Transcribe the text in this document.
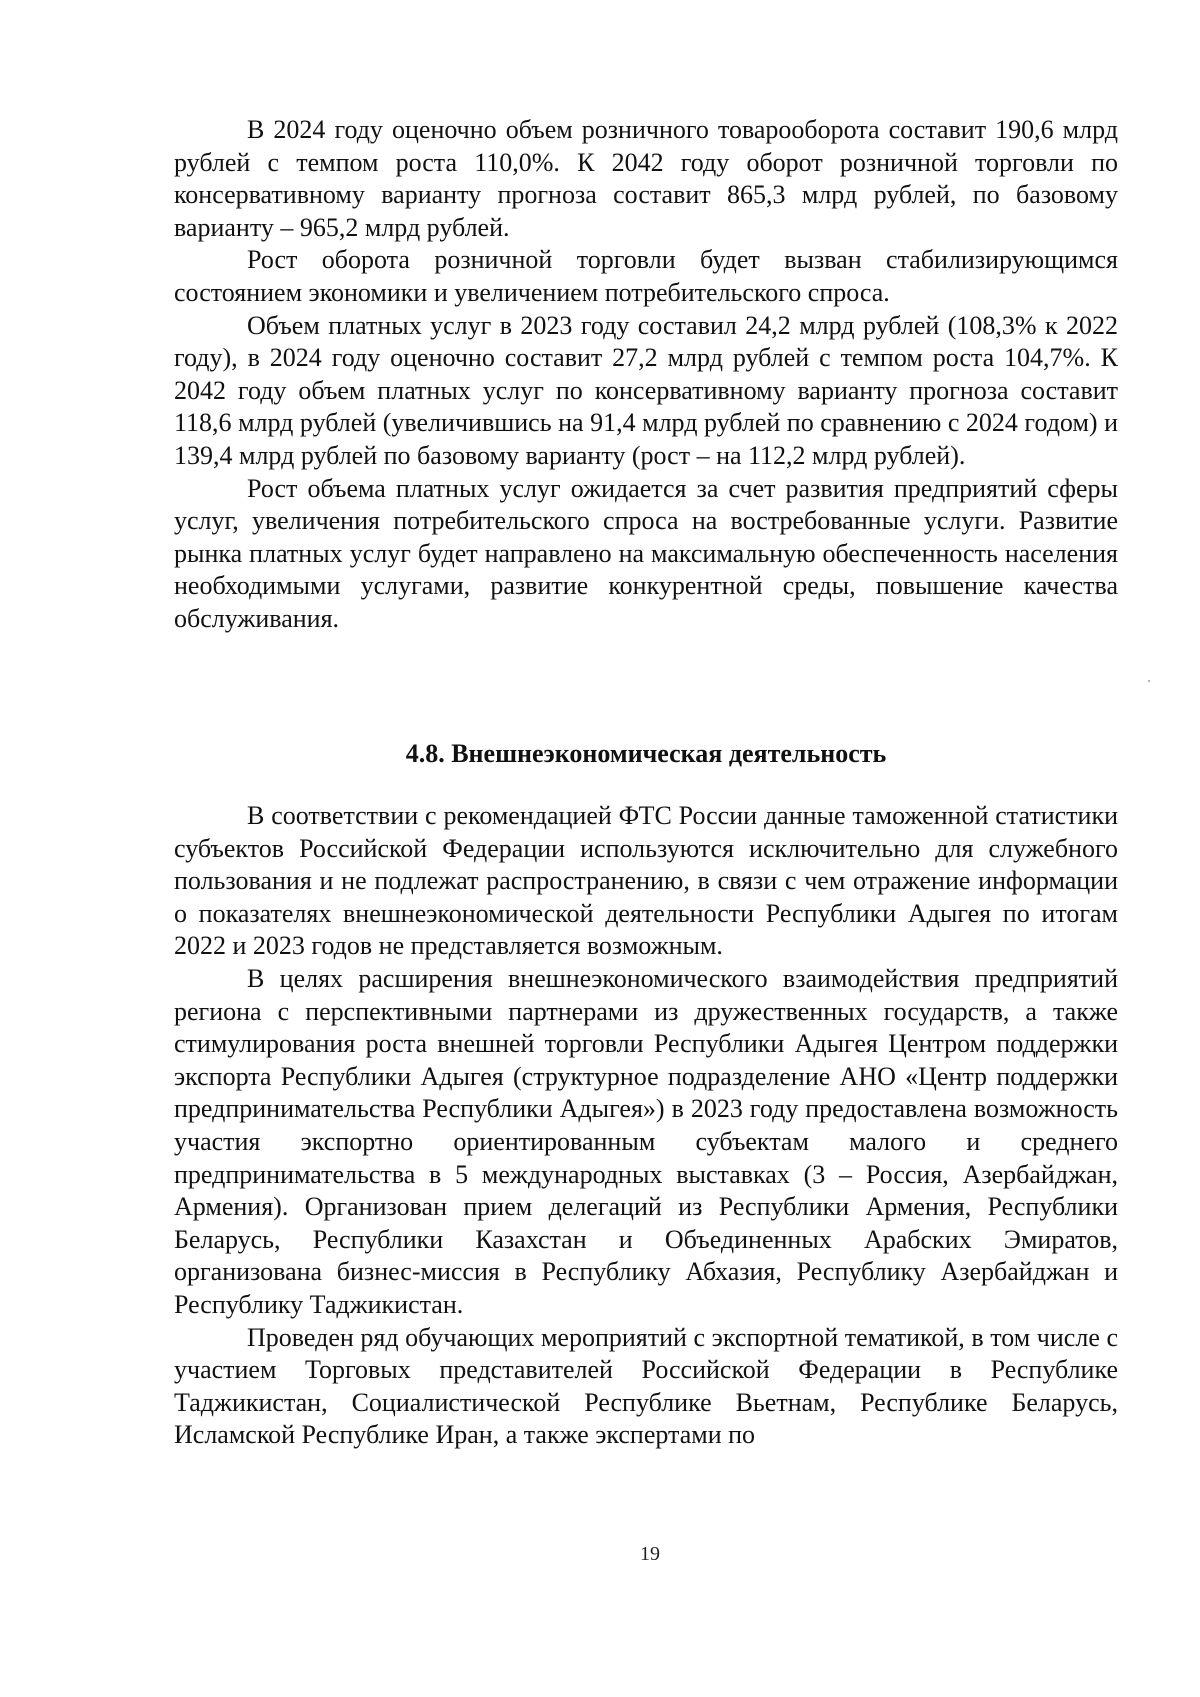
В 2024 году оценочно объем розничного товарооборота составит 190,6 млрд рублей с темпом роста 110,0%. К 2042 году оборот розничной торговли по консервативному варианту прогноза составит 865,3 млрд рублей, по базовому варианту – 965,2 млрд рублей.

Рост оборота розничной торговли будет вызван стабилизирующимся состоянием экономики и увеличением потребительского спроса.

Объем платных услуг в 2023 году составил 24,2 млрд рублей (108,3% к 2022 году), в 2024 году оценочно составит 27,2 млрд рублей с темпом роста 104,7%. К 2042 году объем платных услуг по консервативному варианту прогноза составит 118,6 млрд рублей (увеличившись на 91,4 млрд рублей по сравнению с 2024 годом) и 139,4 млрд рублей по базовому варианту (рост – на 112,2 млрд рублей).

Рост объема платных услуг ожидается за счет развития предприятий сферы услуг, увеличения потребительского спроса на востребованные услуги. Развитие рынка платных услуг будет направлено на максимальную обеспеченность населения необходимыми услугами, развитие конкурентной среды, повышение качества обслуживания.

4.8. Внешнеэкономическая деятельность

В соответствии с рекомендацией ФТС России данные таможенной статистики субъектов Российской Федерации используются исключительно для служебного пользования и не подлежат распространению, в связи с чем отражение информации о показателях внешнеэкономической деятельности Республики Адыгея по итогам 2022 и 2023 годов не представляется возможным.

В целях расширения внешнеэкономического взаимодействия предприятий региона с перспективными партнерами из дружественных государств, а также стимулирования роста внешней торговли Республики Адыгея Центром поддержки экспорта Республики Адыгея (структурное подразделение АНО «Центр поддержки предпринимательства Республики Адыгея») в 2023 году предоставлена возможность участия экспортно ориентированным субъектам малого и среднего предпринимательства в 5 международных выставках (3 – Россия, Азербайджан, Армения). Организован прием делегаций из Республики Армения, Республики Беларусь, Республики Казахстан и Объединенных Арабских Эмиратов, организована бизнес-миссия в Республику Абхазия, Республику Азербайджан и Республику Таджикистан.

Проведен ряд обучающих мероприятий с экспортной тематикой, в том числе с участием Торговых представителей Российской Федерации в Республике Таджикистан, Социалистической Республике Вьетнам, Республике Беларусь, Исламской Республике Иран, а также экспертами по

19
